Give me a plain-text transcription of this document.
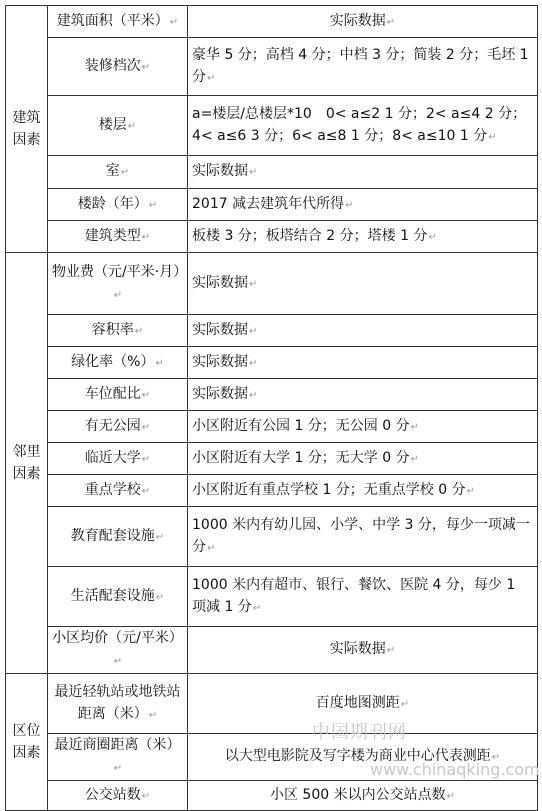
建筑因素	建筑面积（平米）↵	实际数据↵
	装修档次↵	豪华 5 分；高档 4 分；中档 3 分；简装 2 分；毛坯 1 分↵
	楼层↵	a=楼层/总楼层*10　0< a≤2 1 分；2< a≤4 2 分；4< a≤6 3 分；6< a≤8 1 分；8< a≤10 1 分↵
	室↵	实际数据↵
	楼龄（年）↵	2017 减去建筑年代所得↵
	建筑类型↵	板楼 3 分；板塔结合 2 分；塔楼 1 分↵
邻里因素	物业费（元/平米·月）↵	实际数据↵
	容积率↵	实际数据↵
	绿化率（%）↵	实际数据↵
	车位配比↵	实际数据↵
	有无公园↵	小区附近有公园 1 分；无公园 0 分↵
	临近大学↵	小区附近有大学 1 分；无大学 0 分↵
	重点学校↵	小区附近有重点学校 1 分；无重点学校 0 分↵
	教育配套设施↵	1000 米内有幼儿园、小学、中学 3 分，每少一项减一分↵
	生活配套设施↵	1000 米内有超市、银行、餐饮、医院 4 分，每少 1 项减 1 分↵
	小区均价（元/平米）↵	实际数据↵
区位因素	最近轻轨站或地铁站距离（米）↵	百度地图测距↵
	最近商圈距离（米）↵	以大型电影院及写字楼为商业中心代表测距↵
	公交站数↵	小区 500 米以内公交站点数↵
中国期刊网
www.chinaqking.com
